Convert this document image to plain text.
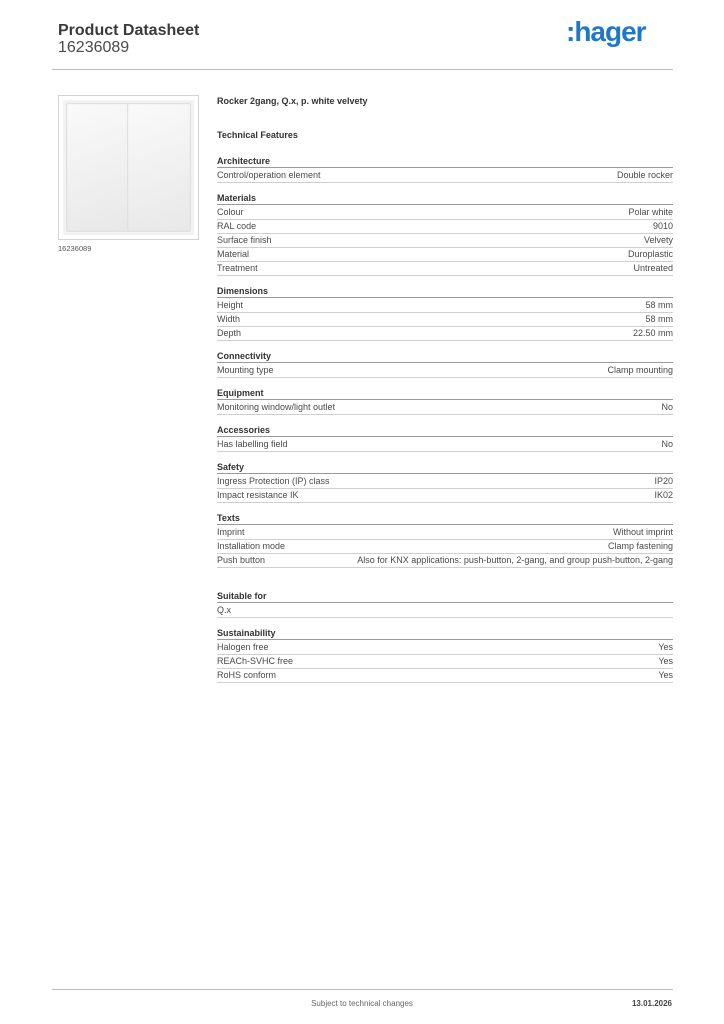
Product Datasheet
16236089
:hager
16236089
Rocker 2gang, Q.x, p. white velvety
Technical Features
Architecture
Control/operation element	Double rocker
Materials
Colour	Polar white
RAL code	9010
Surface finish	Velvety
Material	Duroplastic
Treatment	Untreated
Dimensions
Height	58 mm
Width	58 mm
Depth	22.50 mm
Connectivity
Mounting type	Clamp mounting
Equipment
Monitoring window/light outlet	No
Accessories
Has labelling field	No
Safety
Ingress Protection (IP) class	IP20
Impact resistance IK	IK02
Texts
Imprint	Without imprint
Installation mode	Clamp fastening
Push button	Also for KNX applications: push-button, 2-gang, and group push-button, 2-gang
Suitable for
Q.x
Sustainability
Halogen free	Yes
REACh-SVHC free	Yes
RoHS conform	Yes
Subject to technical changes	13.01.2026
